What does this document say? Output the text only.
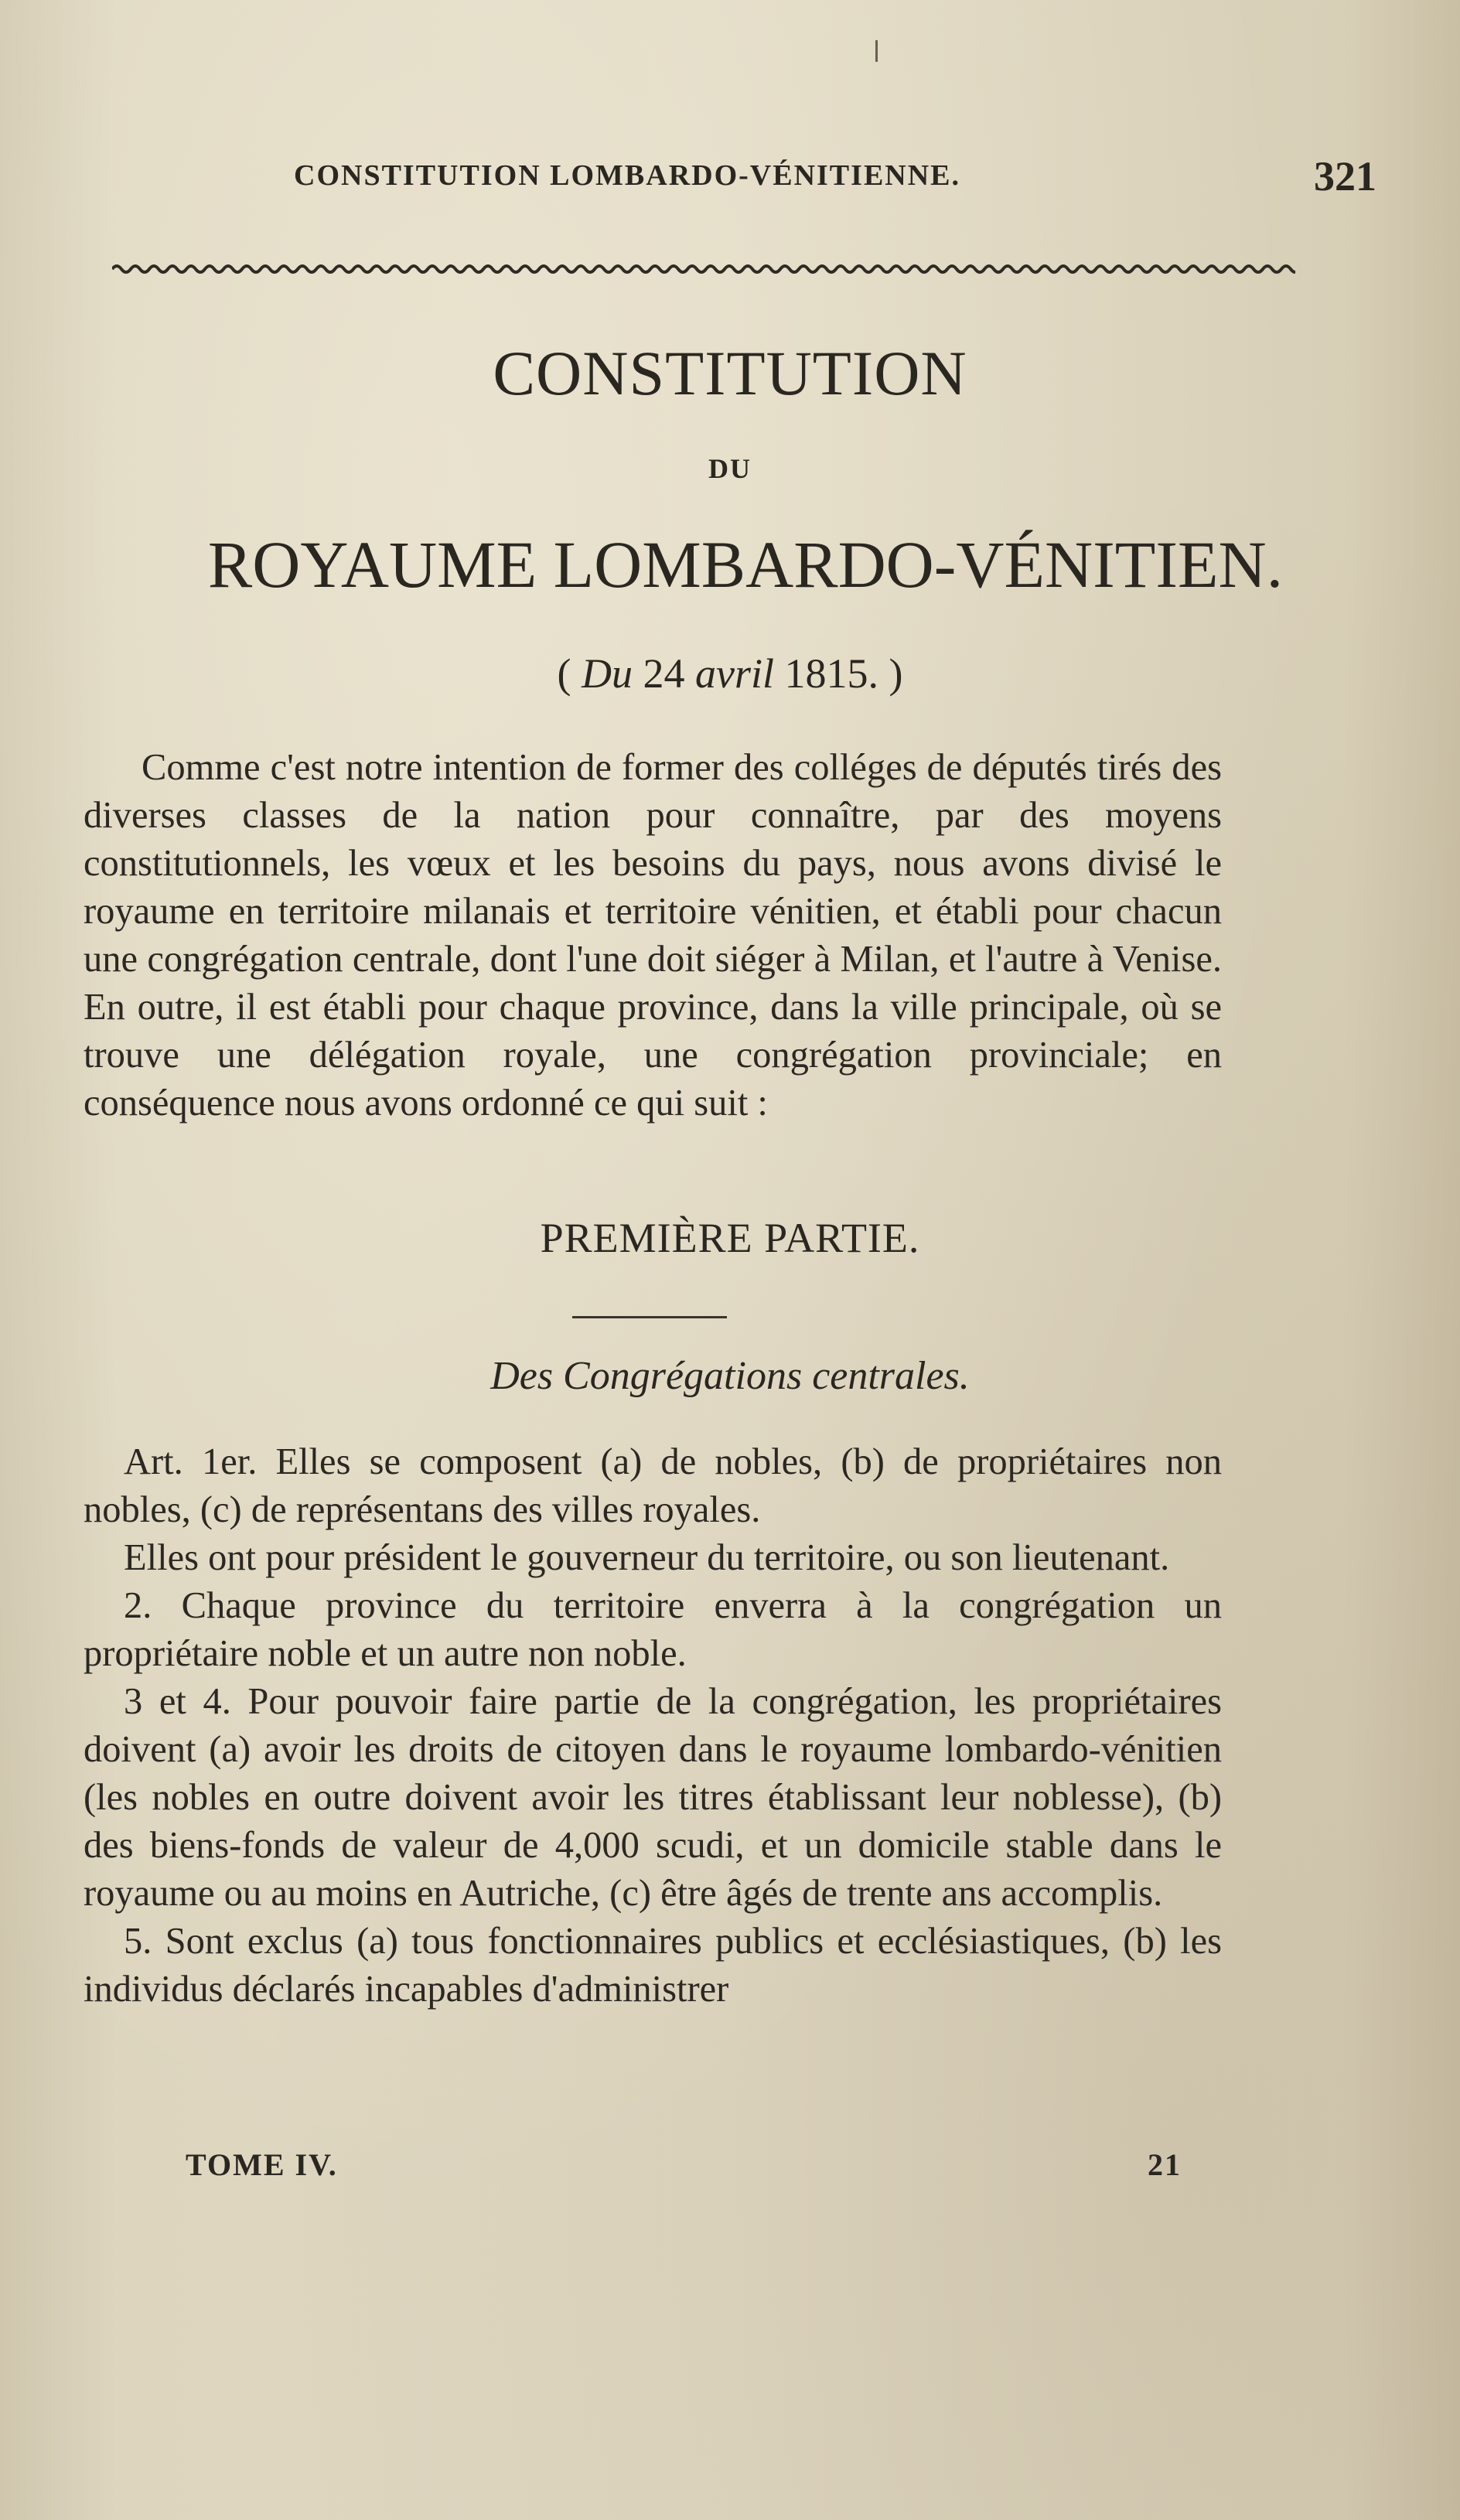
CONSTITUTION LOMBARDO-VÉNITIENNE.	321
CONSTITUTION
DU
ROYAUME LOMBARDO-VÉNITIEN.
( Du 24 avril 1815. )

Comme c'est notre intention de former des colléges de députés tirés des diverses classes de la nation pour connaître, par des moyens constitutionnels, les vœux et les besoins du pays, nous avons divisé le royaume en territoire milanais et territoire vénitien, et établi pour chacun une congrégation centrale, dont l'une doit siéger à Milan, et l'autre à Venise. En outre, il est établi pour chaque province, dans la ville principale, où se trouve une délégation royale, une congrégation provinciale; en conséquence nous avons ordonné ce qui suit :

PREMIÈRE PARTIE.
Des Congrégations centrales.

Art. 1er. Elles se composent (a) de nobles, (b) de propriétaires non nobles, (c) de représentans des villes royales.

Elles ont pour président le gouverneur du territoire, ou son lieutenant.

2. Chaque province du territoire enverra à la congrégation un propriétaire noble et un autre non noble.

3 et 4. Pour pouvoir faire partie de la congrégation, les propriétaires doivent (a) avoir les droits de citoyen dans le royaume lombardo-vénitien (les nobles en outre doivent avoir les titres établissant leur noblesse), (b) des biens-fonds de valeur de 4,000 scudi, et un domicile stable dans le royaume ou au moins en Autriche, (c) être âgés de trente ans accomplis.

5. Sont exclus (a) tous fonctionnaires publics et ecclésiastiques, (b) les individus déclarés incapables d'administrer

TOME IV.	21
